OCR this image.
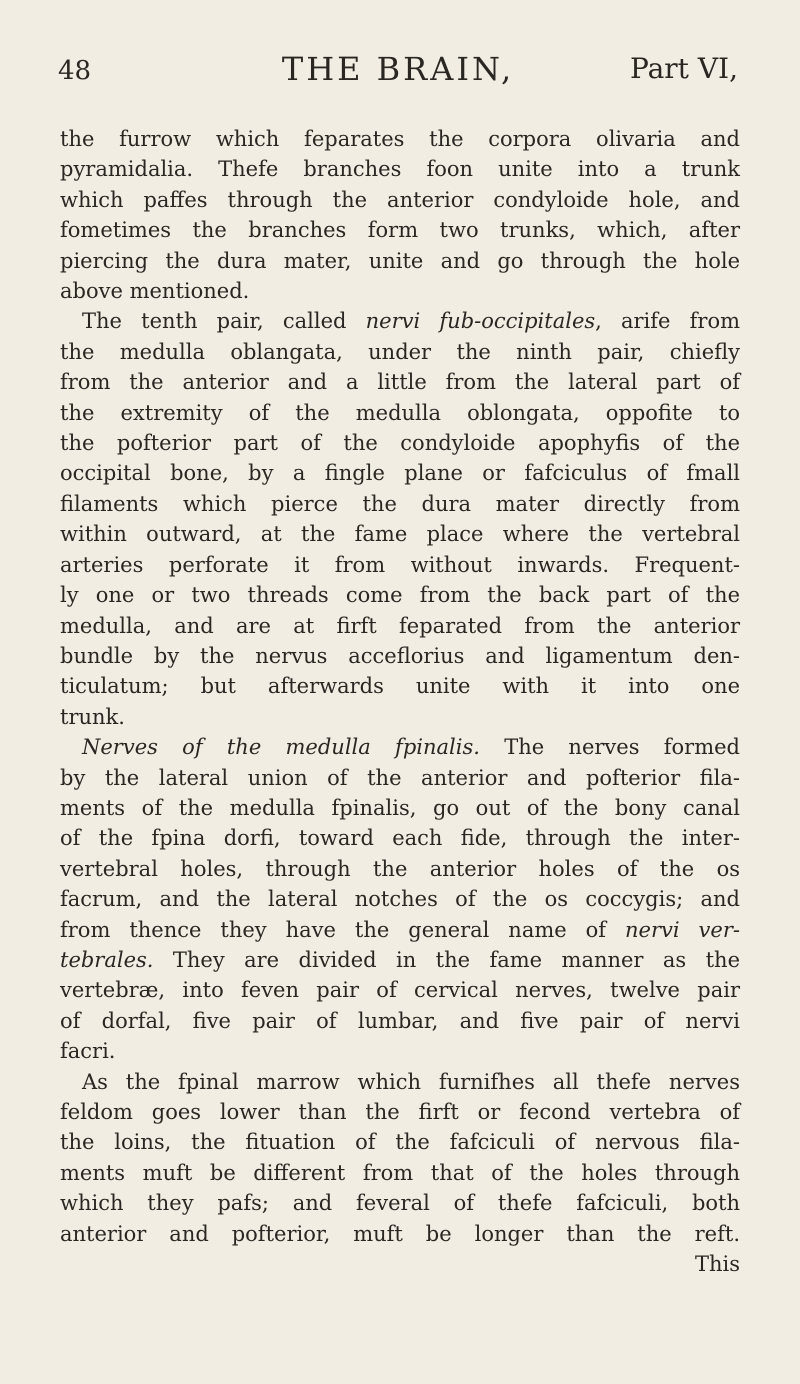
48	THE BRAIN,	Part VI,
the furrow which feparates the corpora olivaria and
pyramidalia. Thefe branches foon unite into a trunk
which paffes through the anterior condyloide hole, and
fometimes the branches form two trunks, which, after
piercing the dura mater, unite and go through the hole
above mentioned.
The tenth pair, called nervi fub-occipitales, arife from
the medulla oblangata, under the ninth pair, chiefly
from the anterior and a little from the lateral part of
the extremity of the medulla oblongata, oppofite to
the pofterior part of the condyloide apophyfis of the
occipital bone, by a fingle plane or fafciculus of fmall
filaments which pierce the dura mater directly from
within outward, at the fame place where the vertebral
arteries perforate it from without inwards. Frequent-
ly one or two threads come from the back part of the
medulla, and are at firft feparated from the anterior
bundle by the nervus acceflorius and ligamentum den-
ticulatum; but afterwards unite with it into one
trunk.
Nerves of the medulla fpinalis. The nerves formed
by the lateral union of the anterior and pofterior fila-
ments of the medulla fpinalis, go out of the bony canal
of the fpina dorfi, toward each fide, through the inter-
vertebral holes, through the anterior holes of the os
facrum, and the lateral notches of the os coccygis; and
from thence they have the general name of nervi ver-
tebrales. They are divided in the fame manner as the
vertebræ, into feven pair of cervical nerves, twelve pair
of dorfal, five pair of lumbar, and five pair of nervi
facri.
As the fpinal marrow which furnifhes all thefe nerves
feldom goes lower than the firft or fecond vertebra of
the loins, the fituation of the fafciculi of nervous fila-
ments muft be different from that of the holes through
which they pafs; and feveral of thefe fafciculi, both
anterior and pofterior, muft be longer than the reft.
This
